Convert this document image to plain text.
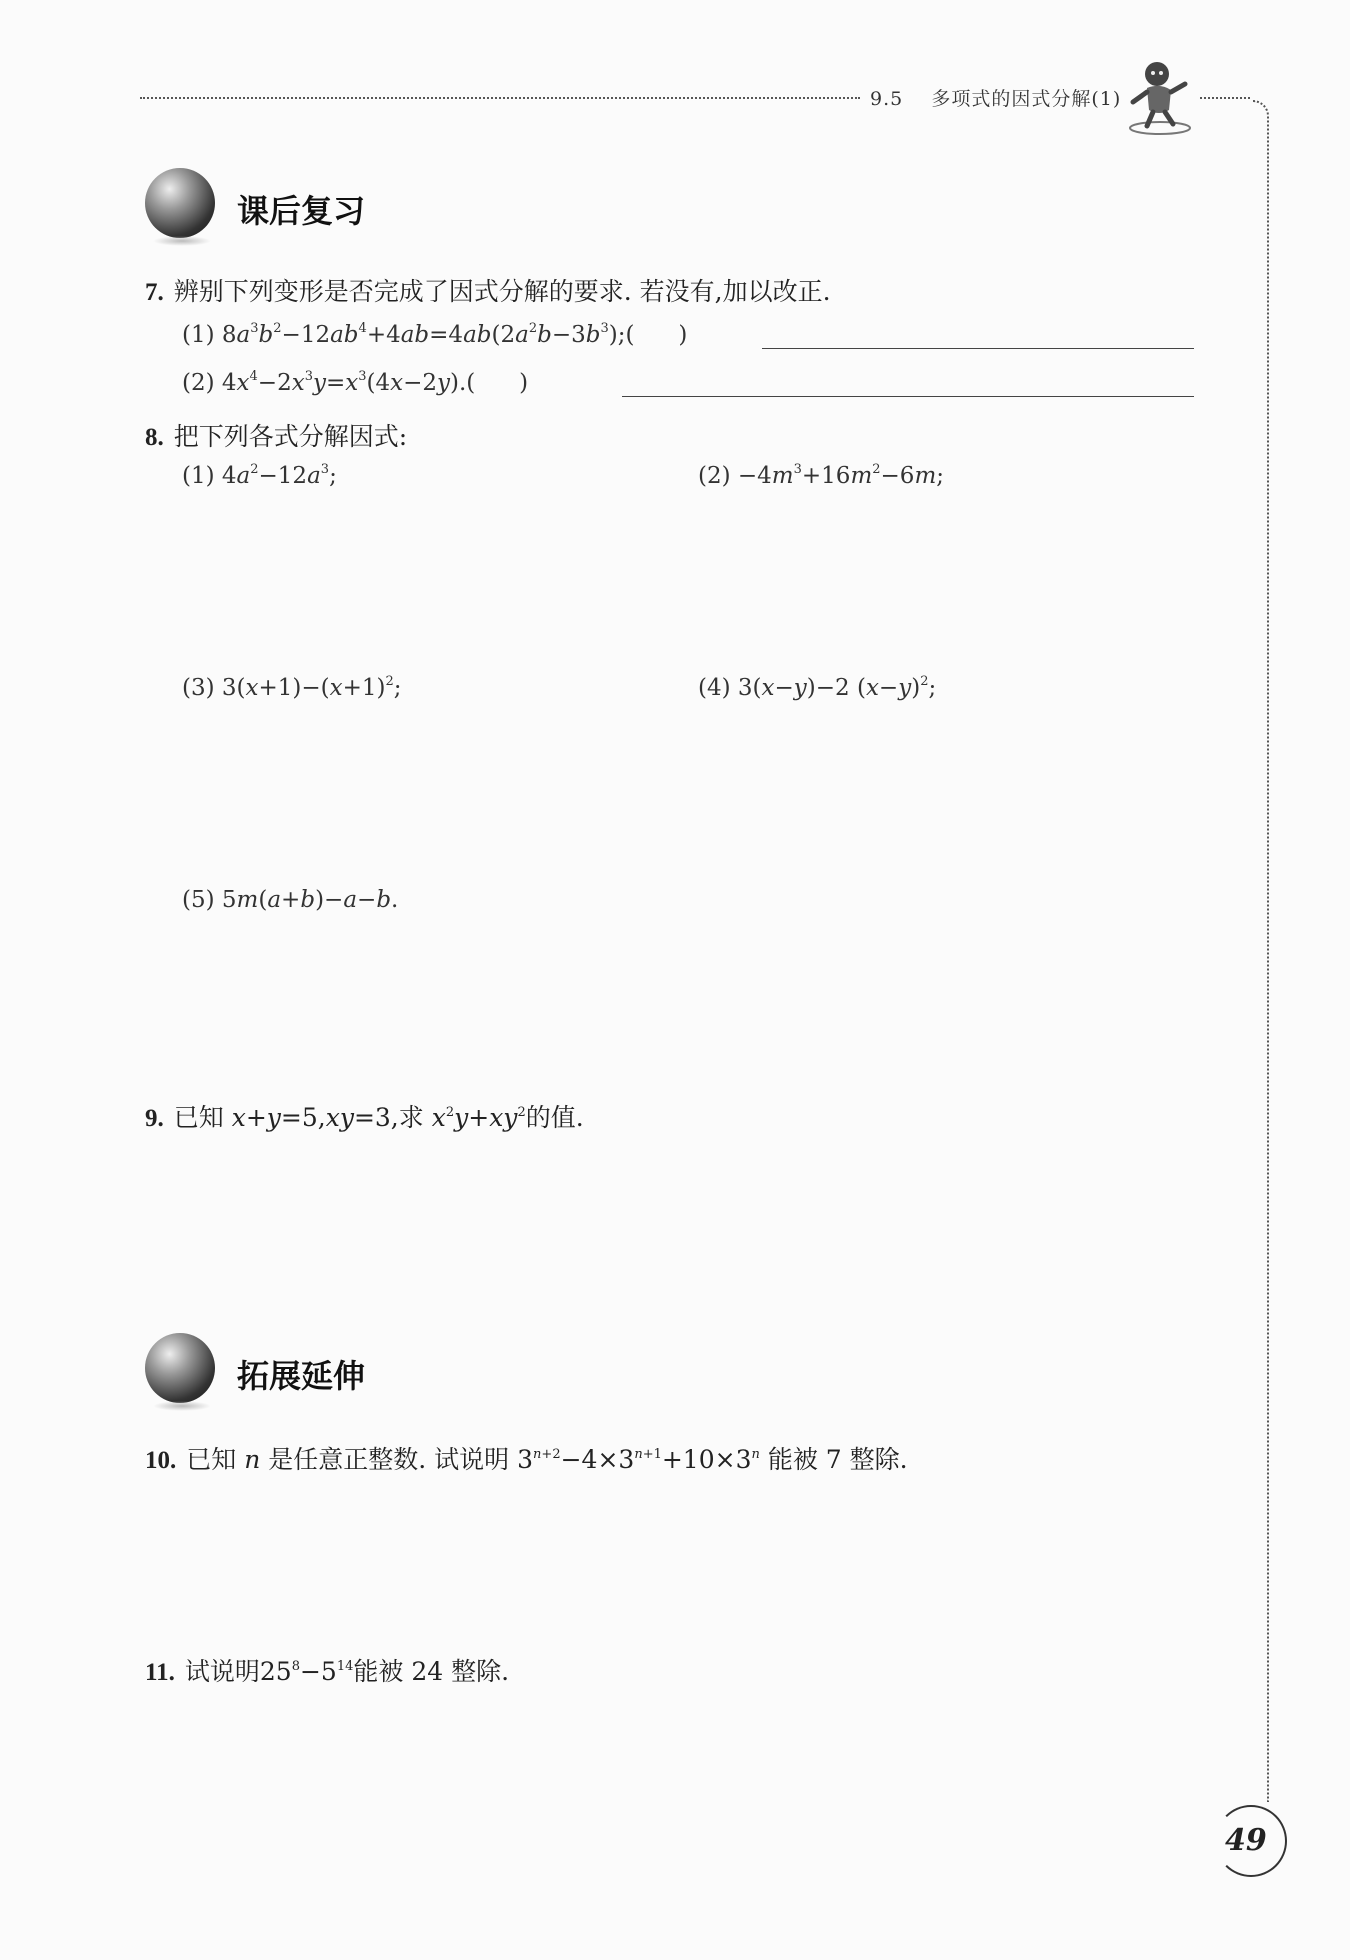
9.5 多项式的因式分解(1)
课后复习
7. 辨别下列变形是否完成了因式分解的要求. 若没有,加以改正.
(1) $8a^3b^2-12ab^4+4ab=4ab(2a^2b-3b^3)$;(      )
(2) $4x^4-2x^3y=x^3(4x-2y)$.(      )
8. 把下列各式分解因式:
(1) $4a^2-12a^3$;	$(2) -4m^3+16m^2-6m$;
(3) $3(x+1)-(x+1)^2$;	(4) 3(x−y)−2 $(x-y)^2$;
(5) 5m(a+b)−a−b.
9. 已知 x+y=5,xy=3,求 $x^2y+xy^2$的值.
拓展延伸
10. 已知 n 是任意正整数. 试说明 $3^{n+2}-4\times 3^{n+1}+10\times 3^n$ 能被 7 整除.
11. 试说明$25^8-5^{14}$能被 24 整除.
49
